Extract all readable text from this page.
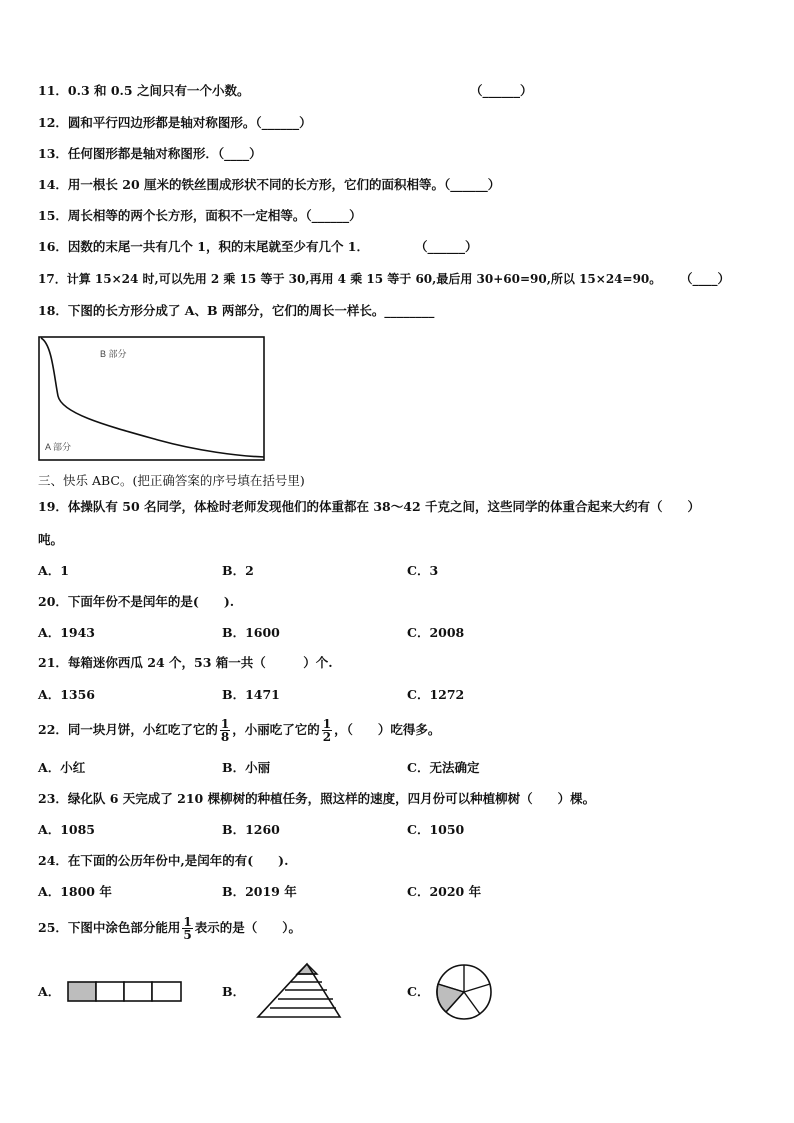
11．0.3 和 0.5 之间只有一个小数。	（______）
12．圆和平行四边形都是轴对称图形。（______）
13．任何图形都是轴对称图形．（____）
14．用一根长 20 厘米的铁丝围成形状不同的长方形，它们的面积相等。（______）
15．周长相等的两个长方形，面积不一定相等。（______）
16．因数的末尾一共有几个 1，积的末尾就至少有几个 1．	（______）
17．计算 15×24 时,可以先用 2 乘 15 等于 30,再用 4 乘 15 等于 60,最后用 30+60=90,所以 15×24=90。 （____）
18．下图的长方形分成了 A、B 两部分，它们的周长一样长。________
B 部分
A 部分
三、快乐 ABC。(把正确答案的序号填在括号里)
19．体操队有 50 名同学，体检时老师发现他们的体重都在 38～42 千克之间，这些同学的体重合起来大约有（　　）
吨。
A．1	B．2	C．3
20．下面年份不是闰年的是(　　).
A．1943	B．1600	C．2008
21．每箱迷你西瓜 24 个，53 箱一共（　　　）个.
A．1356	B．1471	C．1272
22．同一块月饼，小红吃了它的 $\frac{1}{8}$ ，小丽吃了它的 $\frac{1}{2}$ ，（　　）吃得多。
A．小红	B．小丽	C．无法确定
23．绿化队 6 天完成了 210 棵柳树的种植任务，照这样的速度，四月份可以种植柳树（　　）棵。
A．1085	B．1260	C．1050
24．在下面的公历年份中,是闰年的有(　　).
A．1800 年	B．2019 年	C．2020 年
25．下图中涂色部分能用 $\frac{1}{5}$ 表示的是（　　）。
A．	B．	C．
